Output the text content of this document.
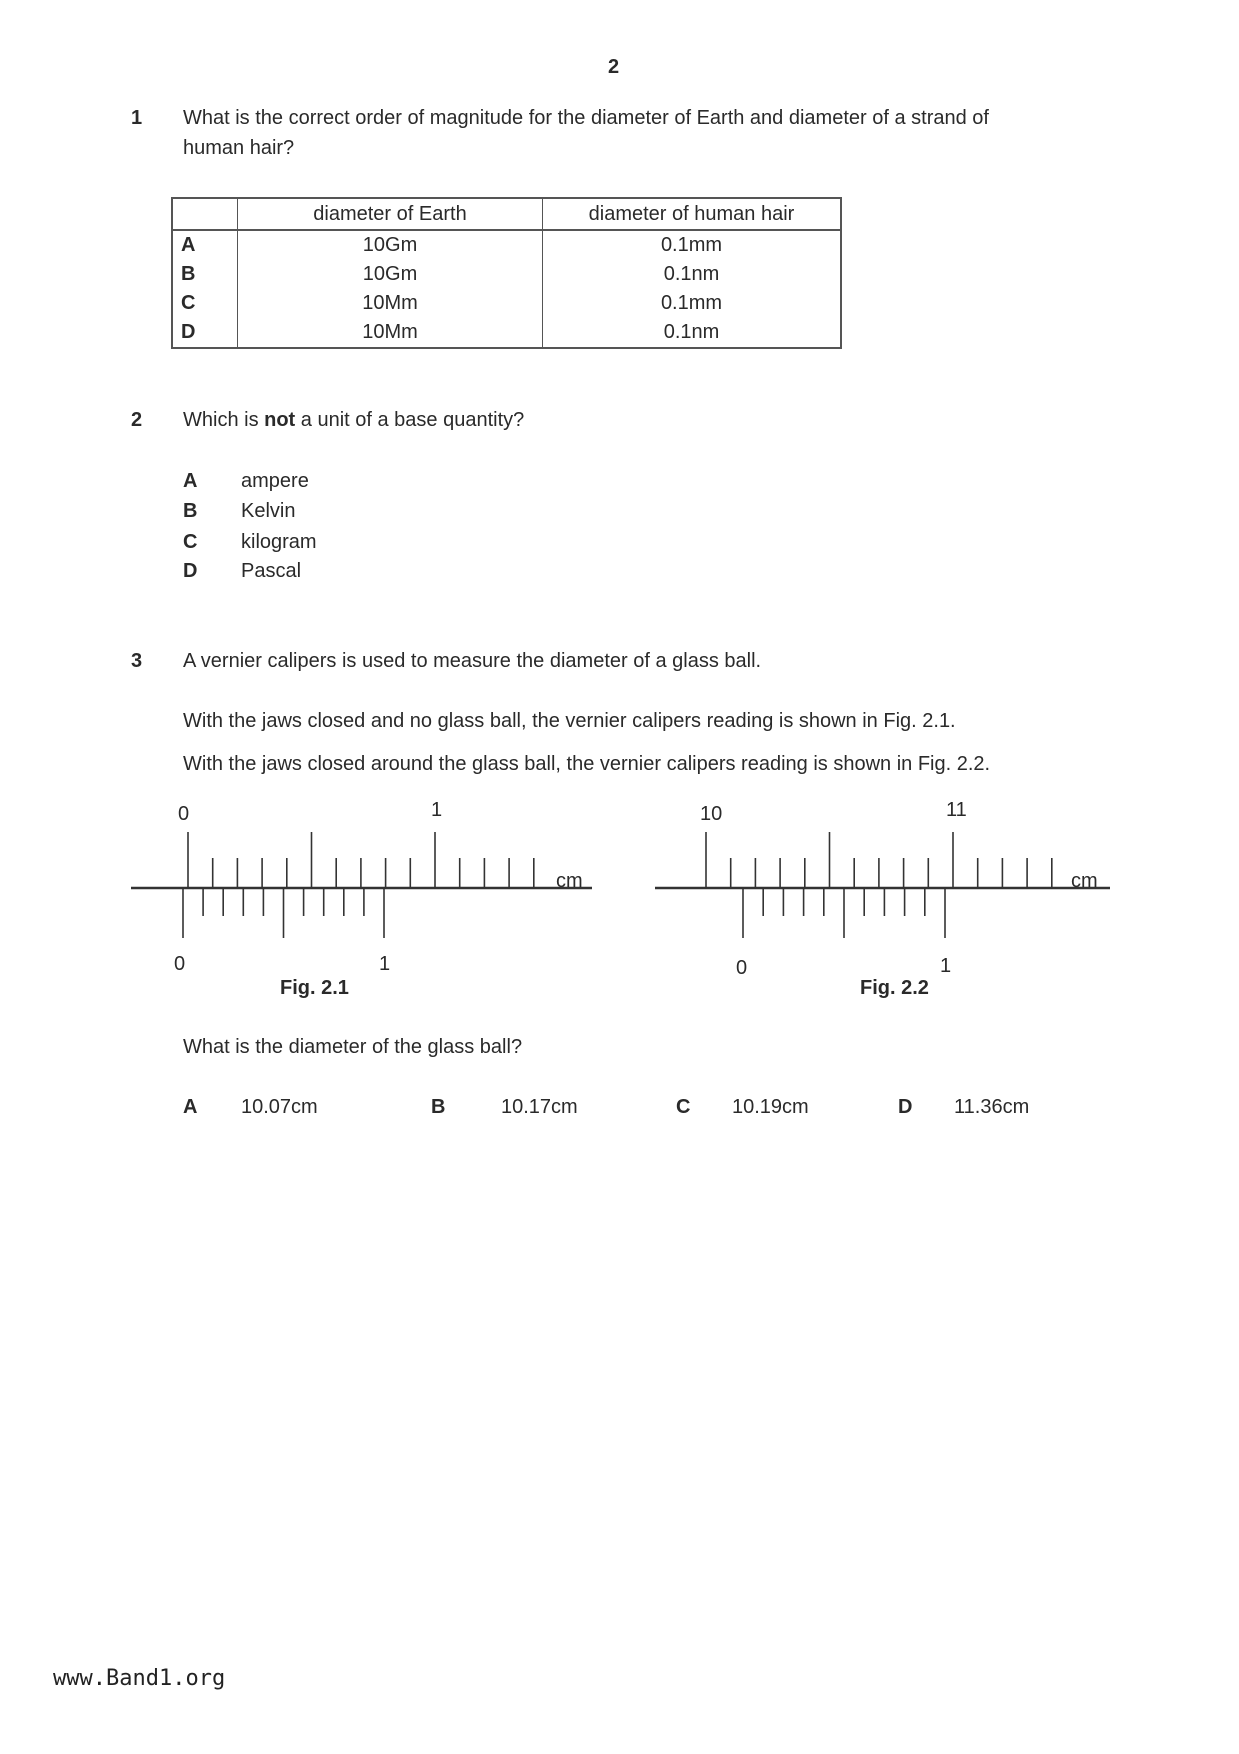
2
1 What is the correct order of magnitude for the diameter of Earth and diameter of a strand of
human hair?
	diameter of Earth	diameter of human hair
A	10Gm	0.1mm
B	10Gm	0.1nm
C	10Mm	0.1mm
D	10Mm	0.1nm
2 Which is not a unit of a base quantity?
A ampere
B Kelvin
C kilogram
D Pascal
3 A vernier calipers is used to measure the diameter of a glass ball.
With the jaws closed and no glass ball, the vernier calipers reading is shown in Fig. 2.1.
With the jaws closed around the glass ball, the vernier calipers reading is shown in Fig. 2.2.
0	1
0	1
cm
Fig. 2.1
10	11
0	1
cm
Fig. 2.2
What is the diameter of the glass ball?
A 10.07cm	B	10.17cm	C 10.19cm	D 11.36cm
www.Band1.org
